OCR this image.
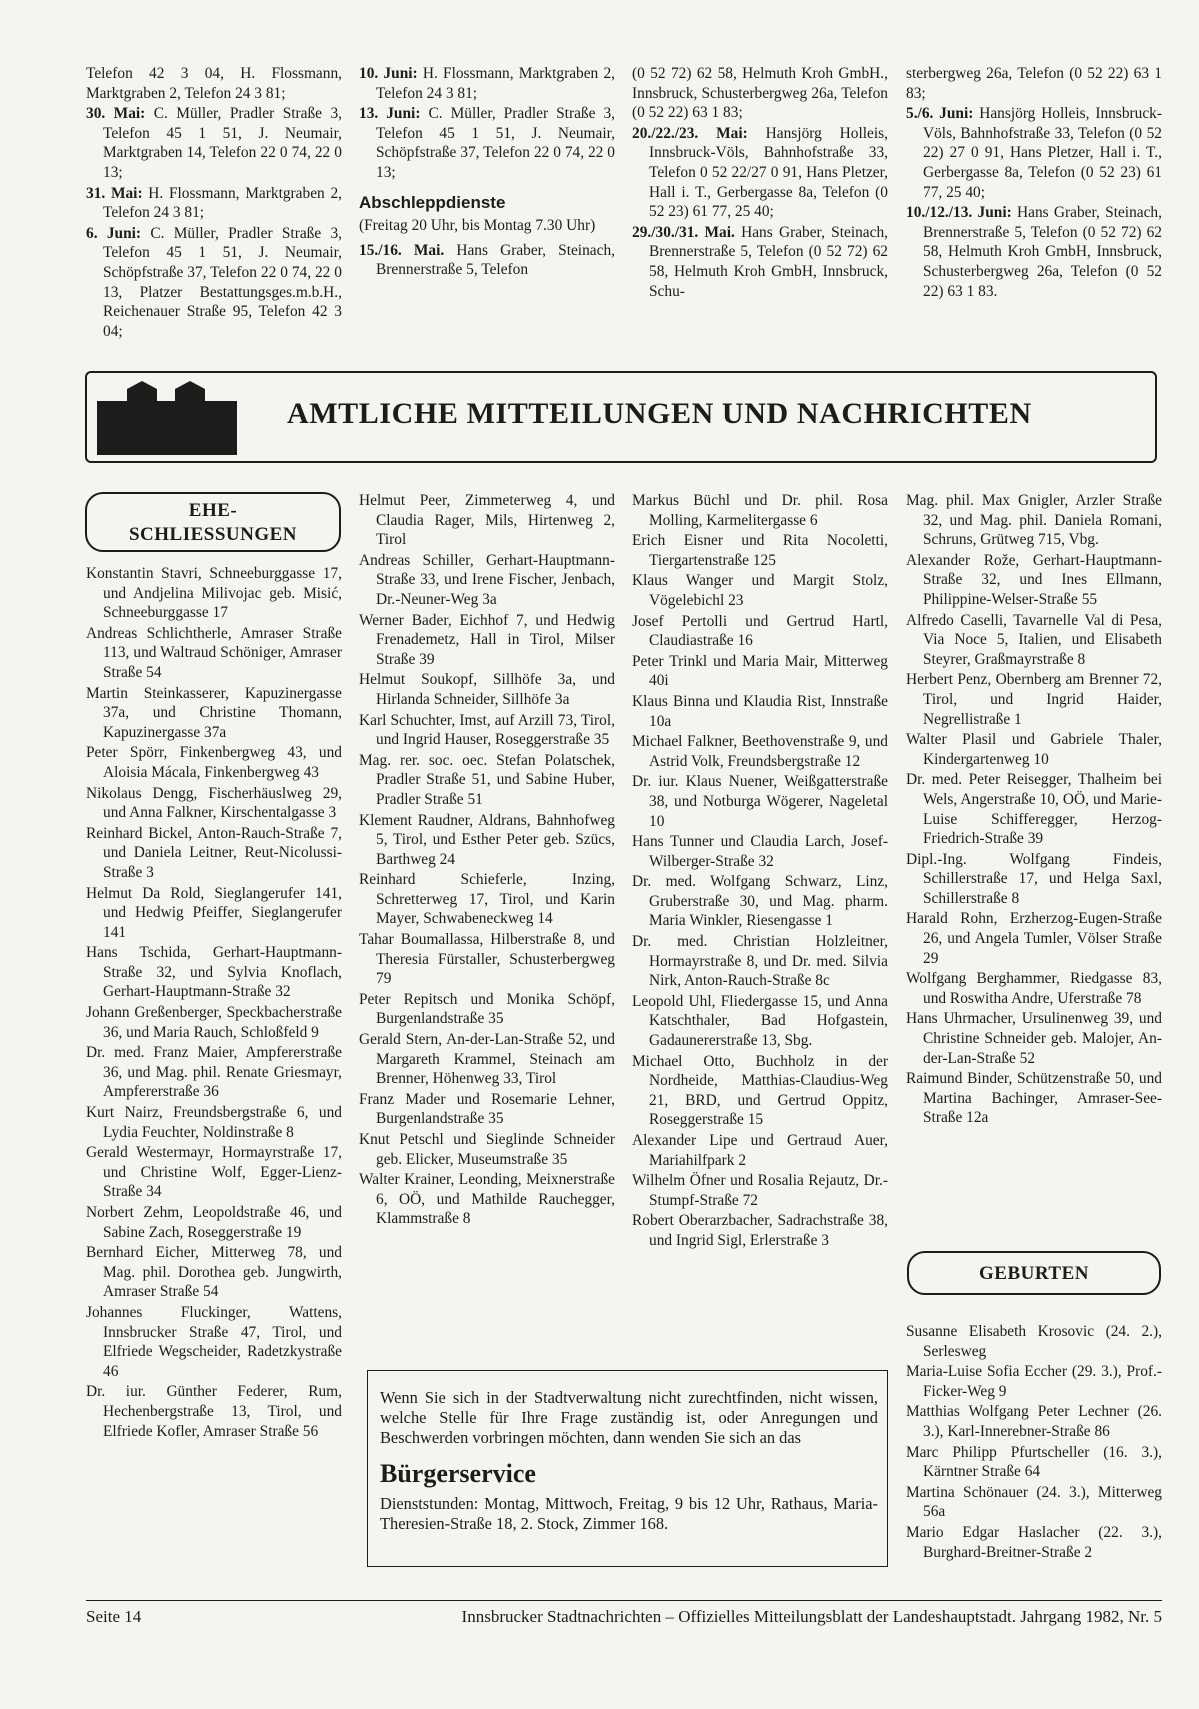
Telefon 42 3 04, H. Flossmann, Marktgraben 2, Telefon 24 3 81;

30. Mai: C. Müller, Pradler Straße 3, Telefon 45 1 51, J. Neumair, Marktgraben 14, Telefon 22 0 74, 22 0 13;

31. Mai: H. Flossmann, Marktgraben 2, Telefon 24 3 81;

6. Juni: C. Müller, Pradler Straße 3, Telefon 45 1 51, J. Neumair, Schöpfstraße 37, Telefon 22 0 74, 22 0 13, Platzer Bestattungsges.m.b.H., Reichenauer Straße 95, Telefon 42 3 04;

10. Juni: H. Flossmann, Marktgraben 2, Telefon 24 3 81;

13. Juni: C. Müller, Pradler Straße 3, Telefon 45 1 51, J. Neumair, Schöpfstraße 37, Telefon 22 0 74, 22 0 13;

Abschleppdienste

(Freitag 20 Uhr, bis Montag 7.30 Uhr)

15./16. Mai. Hans Graber, Steinach, Brennerstraße 5, Telefon

(0 52 72) 62 58, Helmuth Kroh GmbH., Innsbruck, Schusterbergweg 26a, Telefon (0 52 22) 63 1 83;

20./22./23. Mai: Hansjörg Holleis, Innsbruck-Völs, Bahnhofstraße 33, Telefon 0 52 22/27 0 91, Hans Pletzer, Hall i. T., Gerbergasse 8a, Telefon (0 52 23) 61 77, 25 40;

29./30./31. Mai. Hans Graber, Steinach, Brennerstraße 5, Telefon (0 52 72) 62 58, Helmuth Kroh GmbH, Innsbruck, Schu-

sterbergweg 26a, Telefon (0 52 22) 63 1 83;

5./6. Juni: Hansjörg Holleis, Innsbruck-Völs, Bahnhofstraße 33, Telefon (0 52 22) 27 0 91, Hans Pletzer, Hall i. T., Gerbergasse 8a, Telefon (0 52 23) 61 77, 25 40;

10./12./13. Juni: Hans Graber, Steinach, Brennerstraße 5, Telefon (0 52 72) 62 58, Helmuth Kroh GmbH, Innsbruck, Schusterbergweg 26a, Telefon (0 52 22) 63 1 83.

AMTLICHE MITTEILUNGEN UND NACHRICHTEN
EHE-
SCHLIESSUNGEN

Konstantin Stavri, Schneeburggasse 17, und Andjelina Milivojac geb. Misić, Schneeburggasse 17

Andreas Schlichtherle, Amraser Straße 113, und Waltraud Schöniger, Amraser Straße 54

Martin Steinkasserer, Kapuzinergasse 37a, und Christine Thomann, Kapuzinergasse 37a

Peter Spörr, Finkenbergweg 43, und Aloisia Mácala, Finkenbergweg 43

Nikolaus Dengg, Fischerhäuslweg 29, und Anna Falkner, Kirschentalgasse 3

Reinhard Bickel, Anton-Rauch-Straße 7, und Daniela Leitner, Reut-Nicolussi-Straße 3

Helmut Da Rold, Sieglangerufer 141, und Hedwig Pfeiffer, Sieglangerufer 141

Hans Tschida, Gerhart-Hauptmann-Straße 32, und Sylvia Knoflach, Gerhart-Hauptmann-Straße 32

Johann Greßenberger, Speckbacherstraße 36, und Maria Rauch, Schloßfeld 9

Dr. med. Franz Maier, Ampfererstraße 36, und Mag. phil. Renate Griesmayr, Ampfererstraße 36

Kurt Nairz, Freundsbergstraße 6, und Lydia Feuchter, Noldinstraße 8

Gerald Westermayr, Hormayrstraße 17, und Christine Wolf, Egger-Lienz-Straße 34

Norbert Zehm, Leopoldstraße 46, und Sabine Zach, Roseggerstraße 19

Bernhard Eicher, Mitterweg 78, und Mag. phil. Dorothea geb. Jungwirth, Amraser Straße 54

Johannes Fluckinger, Wattens, Innsbrucker Straße 47, Tirol, und Elfriede Wegscheider, Radetzkystraße 46

Dr. iur. Günther Federer, Rum, Hechenbergstraße 13, Tirol, und Elfriede Kofler, Amraser Straße 56

Helmut Peer, Zimmeterweg 4, und Claudia Rager, Mils, Hirtenweg 2, Tirol

Andreas Schiller, Gerhart-Hauptmann-Straße 33, und Irene Fischer, Jenbach, Dr.-Neuner-Weg 3a

Werner Bader, Eichhof 7, und Hedwig Frenademetz, Hall in Tirol, Milser Straße 39

Helmut Soukopf, Sillhöfe 3a, und Hirlanda Schneider, Sillhöfe 3a

Karl Schuchter, Imst, auf Arzill 73, Tirol, und Ingrid Hauser, Roseggerstraße 35

Mag. rer. soc. oec. Stefan Polatschek, Pradler Straße 51, und Sabine Huber, Pradler Straße 51

Klement Raudner, Aldrans, Bahnhofweg 5, Tirol, und Esther Peter geb. Szücs, Barthweg 24

Reinhard Schieferle, Inzing, Schretterweg 17, Tirol, und Karin Mayer, Schwabeneckweg 14

Tahar Boumallassa, Hilberstraße 8, und Theresia Fürstaller, Schusterbergweg 79

Peter Repitsch und Monika Schöpf, Burgenlandstraße 35

Gerald Stern, An-der-Lan-Straße 52, und Margareth Krammel, Steinach am Brenner, Höhenweg 33, Tirol

Franz Mader und Rosemarie Lehner, Burgenlandstraße 35

Knut Petschl und Sieglinde Schneider geb. Elicker, Museumstraße 35

Walter Krainer, Leonding, Meixnerstraße 6, OÖ, und Mathilde Rauchegger, Klammstraße 8

Markus Büchl und Dr. phil. Rosa Molling, Karmelitergasse 6

Erich Eisner und Rita Nocoletti, Tiergartenstraße 125

Klaus Wanger und Margit Stolz, Vögelebichl 23

Josef Pertolli und Gertrud Hartl, Claudiastraße 16

Peter Trinkl und Maria Mair, Mitterweg 40i

Klaus Binna und Klaudia Rist, Innstraße 10a

Michael Falkner, Beethovenstraße 9, und Astrid Volk, Freundsbergstraße 12

Dr. iur. Klaus Nuener, Weißgatterstraße 38, und Notburga Wögerer, Nageletal 10

Hans Tunner und Claudia Larch, Josef-Wilberger-Straße 32

Dr. med. Wolfgang Schwarz, Linz, Gruberstraße 30, und Mag. pharm. Maria Winkler, Riesengasse 1

Dr. med. Christian Holzleitner, Hormayrstraße 8, und Dr. med. Silvia Nirk, Anton-Rauch-Straße 8c

Leopold Uhl, Fliedergasse 15, und Anna Katschthaler, Bad Hofgastein, Gadaunererstraße 13, Sbg.

Michael Otto, Buchholz in der Nordheide, Matthias-Claudius-Weg 21, BRD, und Gertrud Oppitz, Roseggerstraße 15

Alexander Lipe und Gertraud Auer, Mariahilfpark 2

Wilhelm Öfner und Rosalia Rejautz, Dr.-Stumpf-Straße 72

Robert Oberarzbacher, Sadrachstraße 38, und Ingrid Sigl, Erlerstraße 3

Mag. phil. Max Gnigler, Arzler Straße 32, und Mag. phil. Daniela Romani, Schruns, Grütweg 715, Vbg.

Alexander Rože, Gerhart-Hauptmann-Straße 32, und Ines Ellmann, Philippine-Welser-Straße 55

Alfredo Caselli, Tavarnelle Val di Pesa, Via Noce 5, Italien, und Elisabeth Steyrer, Graßmayrstraße 8

Herbert Penz, Obernberg am Brenner 72, Tirol, und Ingrid Haider, Negrellistraße 1

Walter Plasil und Gabriele Thaler, Kindergartenweg 10

Dr. med. Peter Reisegger, Thalheim bei Wels, Angerstraße 10, OÖ, und Marie-Luise Schifferegger, Herzog-Friedrich-Straße 39

Dipl.-Ing. Wolfgang Findeis, Schillerstraße 17, und Helga Saxl, Schillerstraße 8

Harald Rohn, Erzherzog-Eugen-Straße 26, und Angela Tumler, Völser Straße 29

Wolfgang Berghammer, Riedgasse 83, und Roswitha Andre, Uferstraße 78

Hans Uhrmacher, Ursulinenweg 39, und Christine Schneider geb. Malojer, An-der-Lan-Straße 52

Raimund Binder, Schützenstraße 50, und Martina Bachinger, Amraser-See-Straße 12a

GEBURTEN

Susanne Elisabeth Krosovic (24. 2.), Serlesweg

Maria-Luise Sofia Eccher (29. 3.), Prof.-Ficker-Weg 9

Matthias Wolfgang Peter Lechner (26. 3.), Karl-Innerebner-Straße 86

Marc Philipp Pfurtscheller (16. 3.), Kärntner Straße 64

Martina Schönauer (24. 3.), Mitterweg 56a

Mario Edgar Haslacher (22. 3.), Burghard-Breitner-Straße 2

Wenn Sie sich in der Stadtverwaltung nicht zurechtfinden, nicht wissen, welche Stelle für Ihre Frage zuständig ist, oder Anregungen und Beschwerden vorbringen möchten, dann wenden Sie sich an das
Bürgerservice
Dienststunden: Montag, Mittwoch, Freitag, 9 bis 12 Uhr, Rathaus, Maria-Theresien-Straße 18, 2. Stock, Zimmer 168.
Seite 14	Innsbrucker Stadtnachrichten – Offizielles Mitteilungsblatt der Landeshauptstadt. Jahrgang 1982, Nr. 5
